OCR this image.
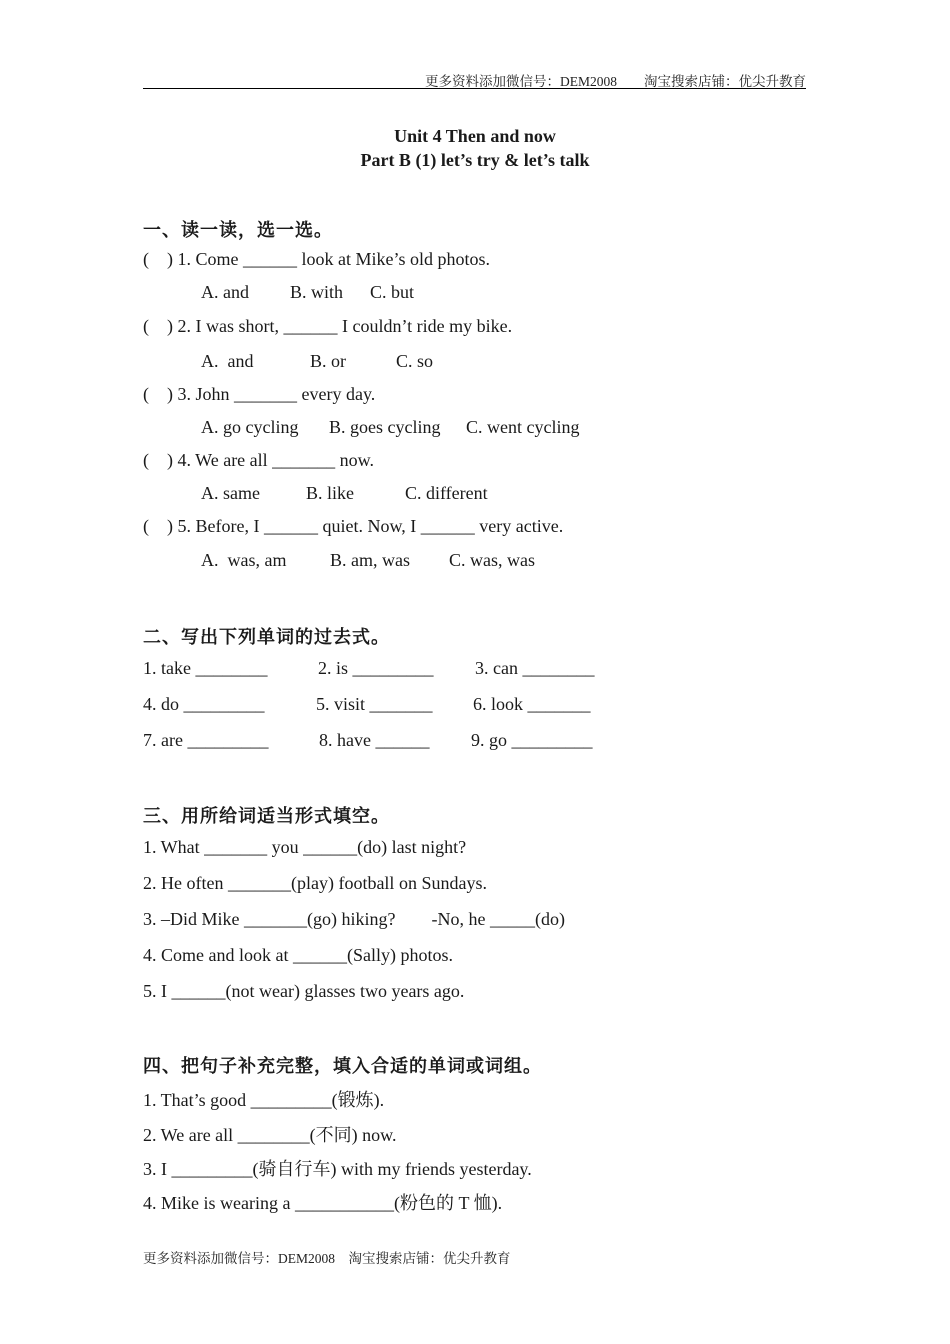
更多资料添加微信号：DEM2008　　淘宝搜索店铺：优尖升教育
Unit 4 Then and now
Part B (1) let’s try & let’s talk
一、读一读，选一选。
(    ) 1. Come ______ look at Mike’s old photos.
A. and B. with C. but
(    ) 2. I was short, ______ I couldn’t ride my bike.
A.  and	B. or	C. so
(    ) 3. John _______ every day.
A. go cycling B. goes cycling C. went cycling
(    ) 4. We are all _______ now.
A. same	B. like	C. different
(    ) 5. Before, I ______ quiet. Now, I ______ very active.
A.  was, am B. am, was C. was, was
二、写出下列单词的过去式。
1. take ________	2. is _________ 3. can ________
4. do _________	5. visit _______ 6. look _______
7. are _________	8. have ______ 9. go _________
三、用所给词适当形式填空。
1. What _______ you ______(do) last night?
2. He often _______(play) football on Sundays.
3. –Did Mike _______(go) hiking?        -No, he _____(do)
4. Come and look at ______(Sally) photos.
5. I ______(not wear) glasses two years ago.
四、把句子补充完整，填入合适的单词或词组。
1. That’s good _________(锻炼).
2. We are all ________(不同) now.
3. I _________(骑自行车) with my friends yesterday.
4. Mike is wearing a ___________(粉色的 T 恤).
更多资料添加微信号：DEM2008　淘宝搜索店铺：优尖升教育
